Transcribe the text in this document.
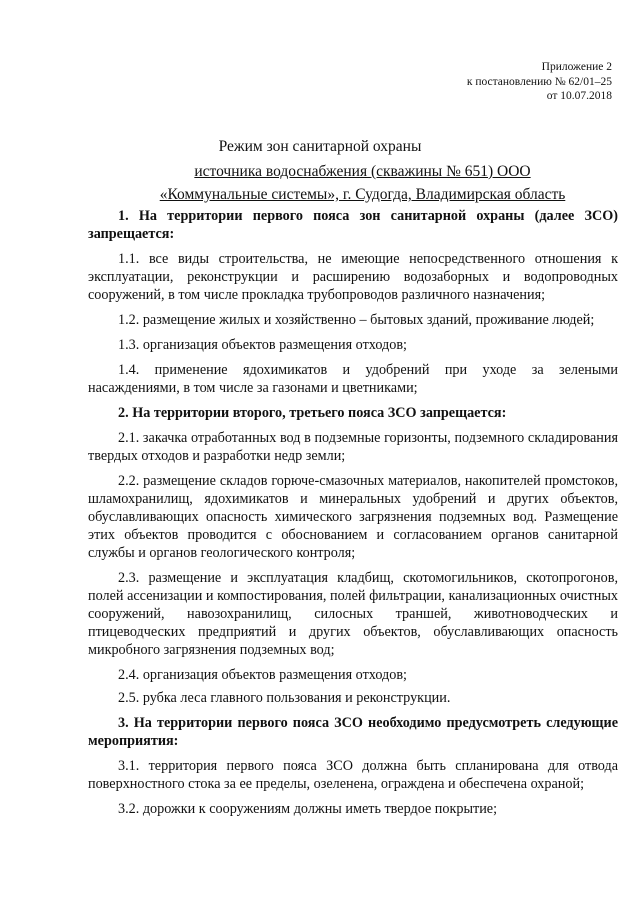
Приложение 2
к постановлению № 62/01–25
от 10.07.2018
Режим зон санитарной охраны
источника водоснабжения (скважины № 651) ООО «Коммунальные системы», г. Судогда, Владимирская область

1. На территории первого пояса зон санитарной охраны (далее ЗСО) запрещается:

1.1. все виды строительства, не имеющие непосредственного отношения к эксплуатации, реконструкции и расширению водозаборных и водопроводных сооружений, в том числе прокладка трубопроводов различного назначения;

1.2. размещение жилых и хозяйственно – бытовых зданий, проживание людей;

1.3. организация объектов размещения отходов;

1.4. применение ядохимикатов и удобрений при уходе за зелеными насаждениями, в том числе за газонами и цветниками;

2. На территории второго, третьего пояса ЗСО запрещается:

2.1. закачка отработанных вод в подземные горизонты, подземного складирования твердых отходов и разработки недр земли;

2.2. размещение складов горюче-смазочных материалов, накопителей промстоков, шламохранилищ, ядохимикатов и минеральных удобрений и других объектов, обуславливающих опасность химического загрязнения подземных вод. Размещение этих объектов проводится с обоснованием и согласованием органов санитарной службы и органов геологического контроля;

2.3. размещение и эксплуатация кладбищ, скотомогильников, скотопрогонов, полей ассенизации и компостирования, полей фильтрации, канализационных очистных сооружений, навозохранилищ, силосных траншей, животноводческих и птицеводческих предприятий и других объектов, обуславливающих опасность микробного загрязнения подземных вод;

2.4. организация объектов размещения отходов;

2.5. рубка леса главного пользования и реконструкции.

3. На территории первого пояса ЗСО необходимо предусмотреть следующие мероприятия:

3.1. территория первого пояса ЗСО должна быть спланирована для отвода поверхностного стока за ее пределы, озеленена, ограждена и обеспечена охраной;

3.2. дорожки к сооружениям должны иметь твердое покрытие;
